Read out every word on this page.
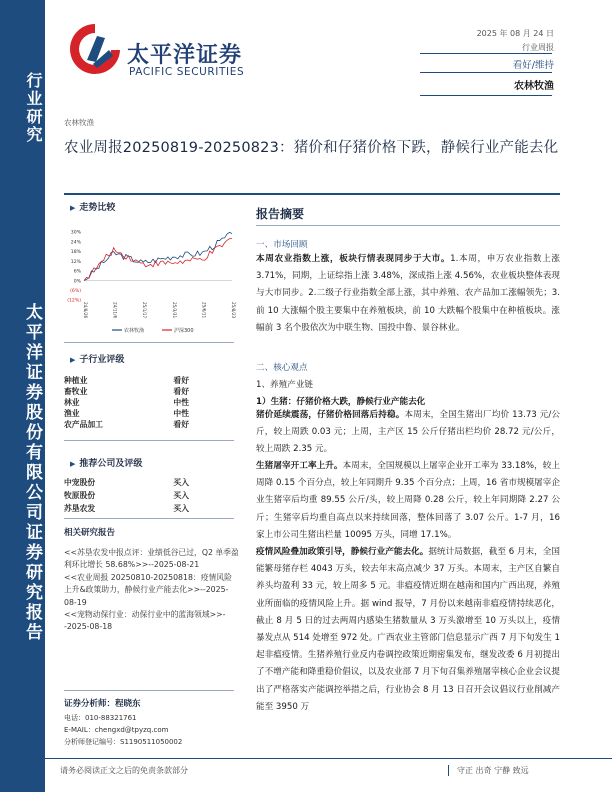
行业研究
太平洋证券股份有限公司证券研究报告
太平洋证券
PACIFIC SECURITIES
2025 年 08 月 24 日
行业周报
看好/维持
农林牧渔
农林牧渔
农业周报20250819-20250823：猪价和仔猪价格下跌，静候行业产能去化
▶ 走势比较
30%
24%
18%
12%
6%
0%
(6%)
(12%)
24/8/26	24/11/6	25/1/17	25/3/31	25/6/11	25/8/23
农林牧渔	沪深300
▶ 子行业评级
种植业	看好
畜牧业	看好
林业	中性
渔业	中性
农产品加工	看好
▶ 推荐公司及评级
中宠股份	买入
牧原股份	买入
苏垦农发	买入
相关研究报告
<<苏垦农发中报点评：业绩低谷已过，Q2 单季盈利环比增长 58.68%>>--2025-08-21
<<农业周报 20250810-20250818：疫情风险上升&政策助力，静候行业产能去化>>--2025-08-19
<<宠物动保行业：动保行业中的蓝海领域>>--2025-08-18
证券分析师：程晓东
电话：010-88321761
E-MAIL：chengxd@tpyzq.com
分析师登记编号：S1190511050002
报告摘要
一、市场回顾
本周农业指数上涨，板块行情表现同步于大市。1.本周，申万农业指数上涨 3.71%，同期，上证综指上涨 3.48%，深成指上涨 4.56%，农业板块整体表现与大市同步。2.二级子行业指数全部上涨，其中养殖、农产品加工涨幅领先；3.前 10 大涨幅个股主要集中在养殖板块，前 10 大跌幅个股集中在种植板块。涨幅前 3 名个股依次为中联生物、国投中鲁、景谷林业。
二、核心观点
1、养殖产业链
1）生猪：仔猪价格大跌，静候行业产能去化
猪价延续震荡，仔猪价格回落后持稳。本周末，全国生猪出厂均价 13.73 元/公斤，较上周跌 0.03 元；上周，主产区 15 公斤仔猪出栏均价 28.72 元/公斤，较上周跌 2.35 元。
生猪屠宰开工率上升。本周末，全国规模以上屠宰企业开工率为 33.18%，较上周降 0.15 个百分点，较上年同期升 9.35 个百分点；上周，16 省市规模屠宰企业生猪宰后均重 89.55 公斤/头，较上周降 0.28 公斤，较上年同期降 2.27 公斤；生猪宰后均重自高点以来持续回落，整体回落了 3.07 公斤。1-7 月，16 家上市公司生猪出栏量 10095 万头，同增 17.1%。
疫情风险叠加政策引导，静候行业产能去化。据统计局数据，截至 6 月末，全国能繁母猪存栏 4043 万头，较去年末高点减少 37 万头。本周末，主产区自繁自养头均盈利 33 元，较上周多 5 元。非瘟疫情近期在越南和国内广西出现，养殖业所面临的疫情风险上升。据 wind 报导，7 月份以来越南非瘟疫情持续恶化，截止 8 月 5 日的过去两周内感染生猪数量从 3 万头激增至 10 万头以上，疫情暴发点从 514 处增至 972 处。广西农业主管部门信息显示广西 7 月下旬发生 1 起非瘟疫情。生猪养殖行业反内卷调控政策近期密集发布，继发改委 6 月初提出了不增产能和降重稳价倡议，以及农业部 7 月下旬召集养殖屠宰核心企业会议提出了严格落实产能调控举措之后，行业协会 8 月 13 日召开会议倡议行业削减产能至 3950 万
请务必阅读正文之后的免责条款部分	守正 出奇 宁静 致远
